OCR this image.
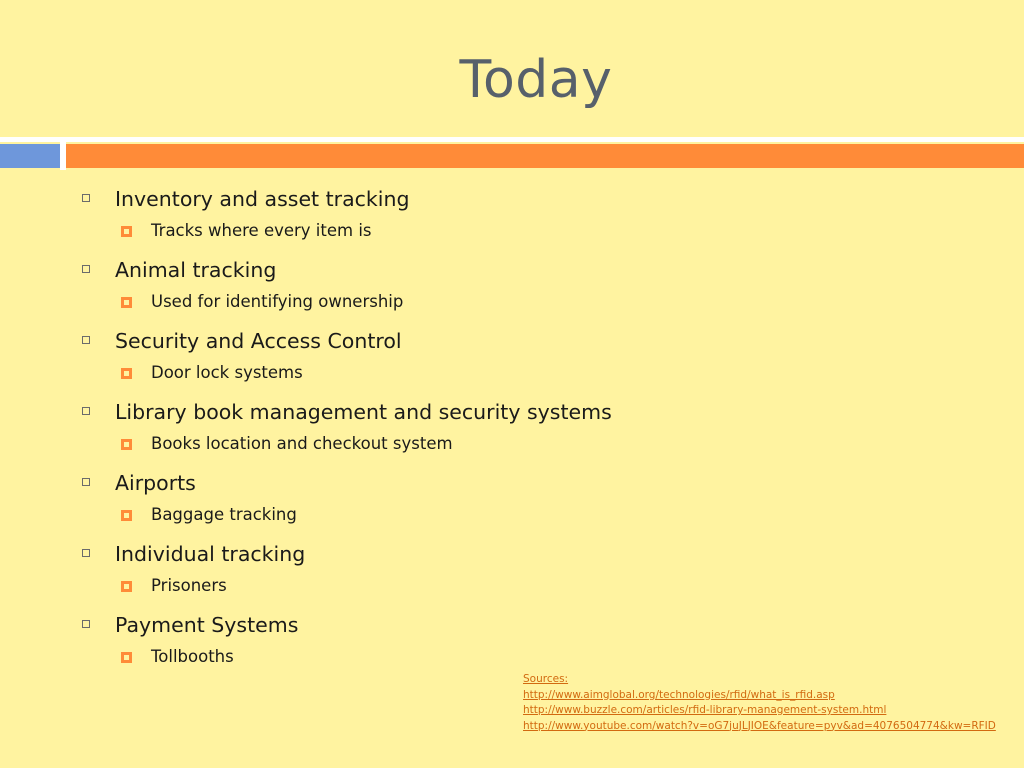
Today
Inventory and asset tracking
Tracks where every item is
Animal tracking
Used for identifying ownership
Security and Access Control
Door lock systems
Library book management and security systems
Books location and checkout system
Airports
Baggage tracking
Individual tracking
Prisoners
Payment Systems
Tollbooths
Sources:
http://www.aimglobal.org/technologies/rfid/what_is_rfid.asp
http://www.buzzle.com/articles/rfid-library-management-system.html
http://www.youtube.com/watch?v=oG7juJLJIOE&feature=pyv&ad=4076504774&kw=RFID
